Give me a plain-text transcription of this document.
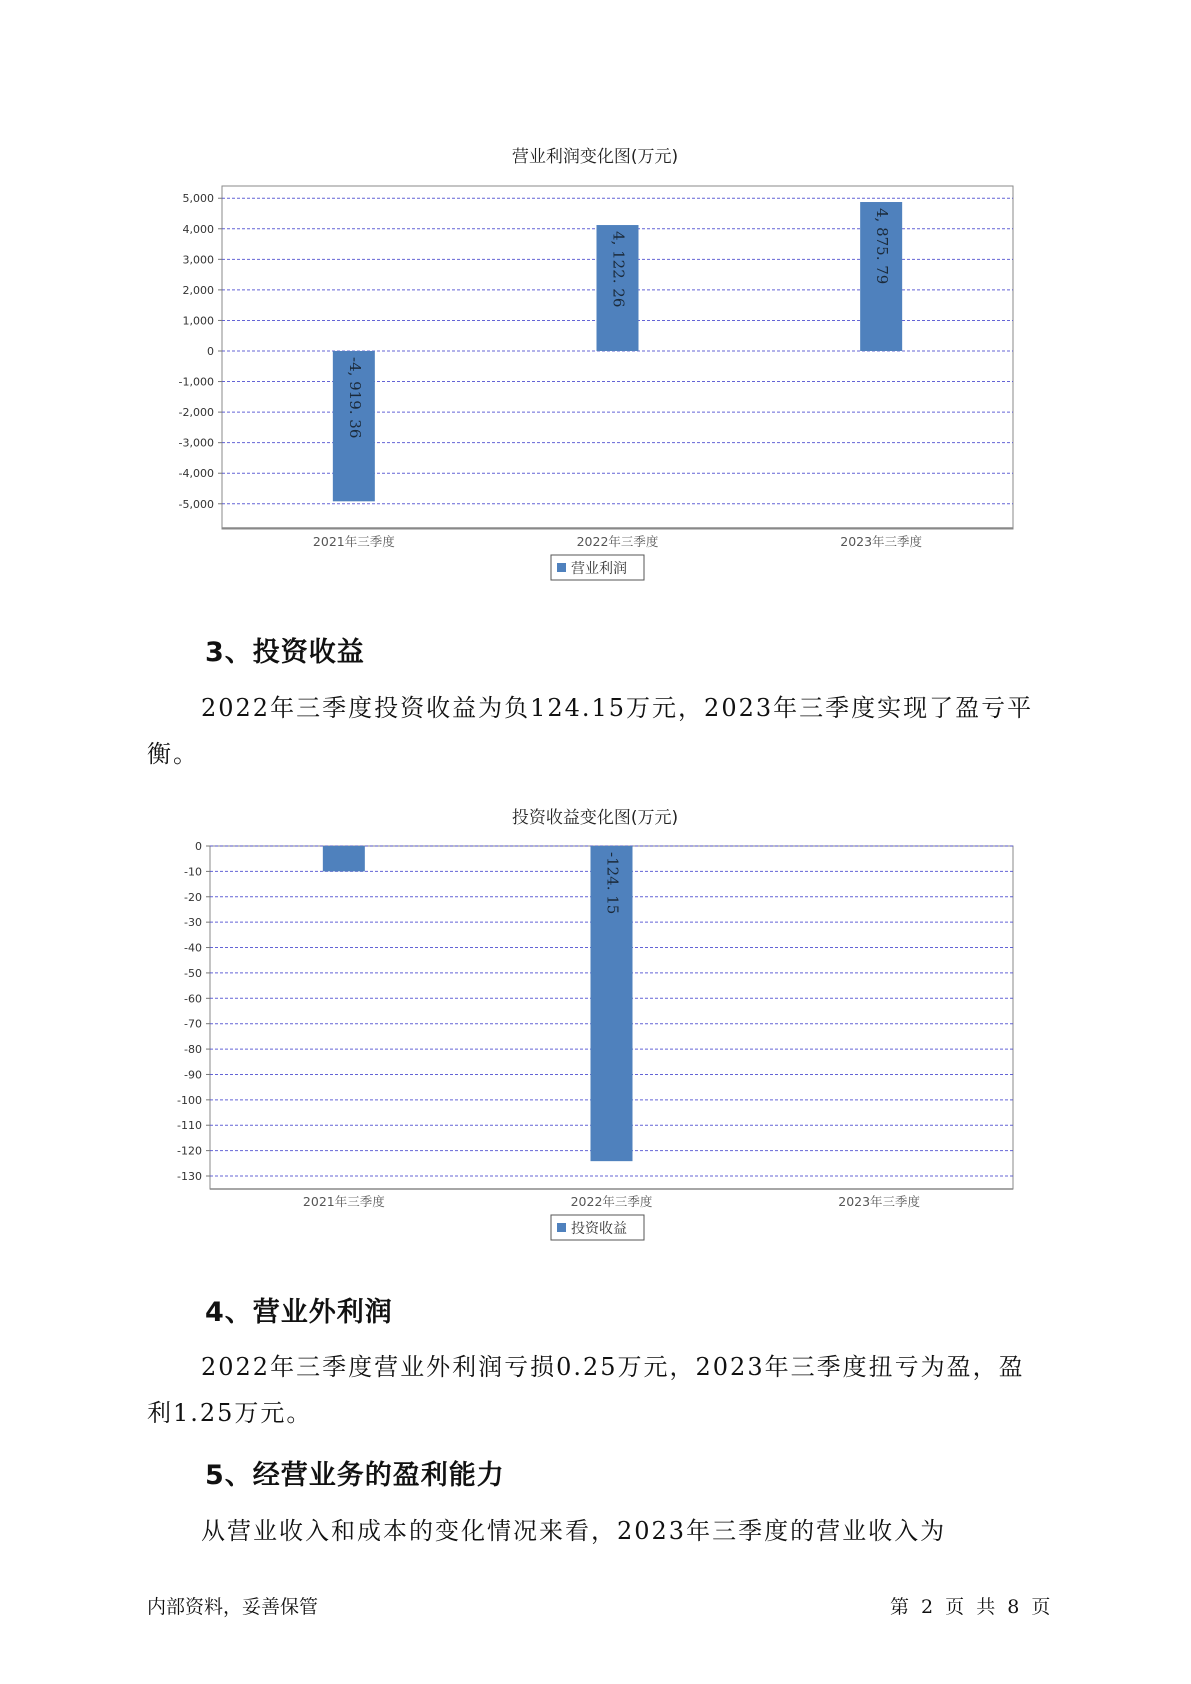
营业利润变化图(万元)
5,000
4,000
3,000
2,000
1,000
0
-1,000
-2,000
-3,000
-4,000
-5,000
-4, 919. 36
2021年三季度
4, 122. 26
2022年三季度
4, 875. 79
2023年三季度
营业利润
3、投资收益

2022年三季度投资收益为负124.15万元，2023年三季度实现了盈亏平衡。

投资收益变化图(万元)
0
-10
-20
-30
-40
-50
-60
-70
-80
-90
-100
-110
-120
-130
2021年三季度
-124. 15
2022年三季度	2023年三季度
投资收益
4、营业外利润

2022年三季度营业外利润亏损0.25万元，2023年三季度扭亏为盈，盈利1.25万元。

5、经营业务的盈利能力

从营业收入和成本的变化情况来看，2023年三季度的营业收入为

内部资料，妥善保管	第 2 页 共 8 页
